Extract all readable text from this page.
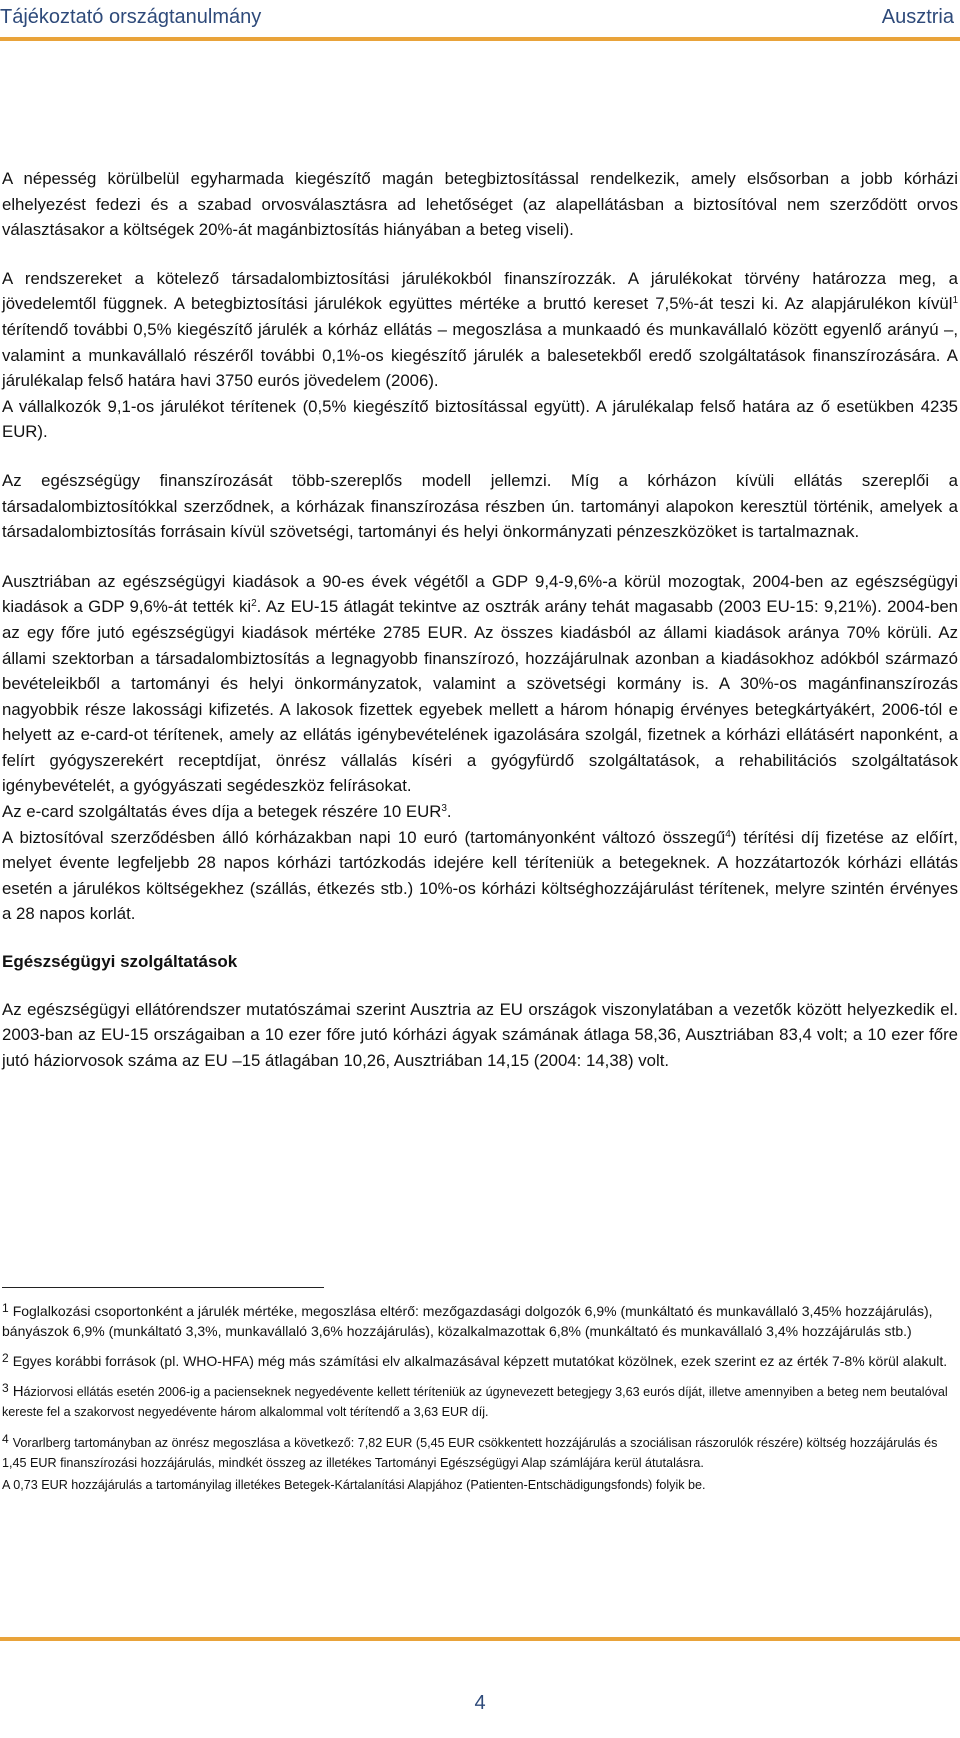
Tájékoztató országtanulmány	Ausztria

A népesség körülbelül egyharmada kiegészítő magán betegbiztosítással rendelkezik, amely elsősorban a jobb kórházi elhelyezést fedezi és a szabad orvosválasztásra ad lehetőséget (az alapellátásban a biztosítóval nem szerződött orvos választásakor a költségek 20%-át magánbiztosítás hiányában a beteg viseli).

A rendszereket a kötelező társadalombiztosítási járulékokból finanszírozzák. A járulékokat törvény határozza meg, a jövedelemtől függnek. A betegbiztosítási járulékok együttes mértéke a bruttó kereset 7,5%-át teszi ki. Az alapjárulékon kívül$^1$ térítendő további 0,5% kiegészítő járulék a kórház ellátás – megoszlása a munkaadó és munkavállaló között egyenlő arányú –, valamint a munkavállaló részéről további 0,1%-os kiegészítő járulék a balesetekből eredő szolgáltatások finanszírozására. A járulékalap felső határa havi 3750 eurós jövedelem (2006).

A vállalkozók 9,1-os járulékot térítenek (0,5% kiegészítő biztosítással együtt). A járulékalap felső határa az ő esetükben 4235 EUR).

Az egészségügy finanszírozását több-szereplős modell jellemzi. Míg a kórházon kívüli ellátás szereplői a társadalombiztosítókkal szerződnek, a kórházak finanszírozása részben ún. tartományi alapokon keresztül történik, amelyek a társadalombiztosítás forrásain kívül szövetségi, tartományi és helyi önkormányzati pénzeszközöket is tartalmaznak.

Ausztriában az egészségügyi kiadások a 90-es évek végétől a GDP 9,4-9,6%-a körül mozogtak, 2004-ben az egészségügyi kiadások a GDP 9,6%-át tették $ki^2$. Az EU-15 átlagát tekintve az osztrák arány tehát magasabb (2003 EU-15: 9,21%). 2004-ben az egy főre jutó egészségügyi kiadások mértéke 2785 EUR. Az összes kiadásból az állami kiadások aránya 70% körüli. Az állami szektorban a társadalombiztosítás a legnagyobb finanszírozó, hozzájárulnak azonban a kiadásokhoz adókból származó bevételeikből a tartományi és helyi önkormányzatok, valamint a szövetségi kormány is. A 30%-os magánfinanszírozás nagyobbik része lakossági kifizetés. A lakosok fizettek egyebek mellett a három hónapig érvényes betegkártyákért, 2006-tól e helyett az e-card-ot térítenek, amely az ellátás igénybevételének igazolására szolgál, fizetnek a kórházi ellátásért naponként, a felírt gyógyszerekért receptdíjat, önrész vállalás kíséri a gyógyfürdő szolgáltatások, a rehabilitációs szolgáltatások igénybevételét, a gyógyászati segédeszköz felírásokat.

Az e-card szolgáltatás éves díja a betegek részére 10 EUR$^3$.

A biztosítóval szerződésben álló kórházakban napi 10 euró (tartományonként változó összegű$^4$) térítési díj fizetése az előírt, melyet évente legfeljebb 28 napos kórházi tartózkodás idejére kell téríteniük a betegeknek. A hozzátartozók kórházi ellátás esetén a járulékos költségekhez (szállás, étkezés stb.) 10%-os kórházi költséghozzájárulást térítenek, melyre szintén érvényes a 28 napos korlát.

Egészségügyi szolgáltatások

Az egészségügyi ellátórendszer mutatószámai szerint Ausztria az EU országok viszonylatában a vezetők között helyezkedik el. 2003-ban az EU-15 országaiban a 10 ezer főre jutó kórházi ágyak számának átlaga 58,36, Ausztriában 83,4 volt; a 10 ezer főre jutó háziorvosok száma az EU –15 átlagában 10,26, Ausztriában 14,15 (2004: 14,38) volt.

1 Foglalkozási csoportonként a járulék mértéke, megoszlása eltérő: mezőgazdasági dolgozók 6,9% (munkáltató és munkavállaló 3,45% hozzájárulás), bányászok 6,9% (munkáltató 3,3%, munkavállaló 3,6% hozzájárulás), közalkalmazottak 6,8% (munkáltató és munkavállaló 3,4% hozzájárulás stb.)

2 Egyes korábbi források (pl. WHO-HFA) még más számítási elv alkalmazásával képzett mutatókat közölnek, ezek szerint ez az érték 7-8% körül alakult.

3 Háziorvosi ellátás esetén 2006-ig a pacienseknek negyedévente kellett téríteniük az úgynevezett betegjegy 3,63 eurós díját, illetve amennyiben a beteg nem beutalóval kereste fel a szakorvost negyedévente három alkalommal volt térítendő a 3,63 EUR díj.

4 Vorarlberg tartományban az önrész megoszlása a következő: 7,82 EUR (5,45 EUR csökkentett hozzájárulás a szociálisan rászorulók részére) költség hozzájárulás és 1,45 EUR finanszírozási hozzájárulás, mindkét összeg az illetékes Tartományi Egészségügyi Alap számlájára kerül átutalásra.

A 0,73 EUR hozzájárulás a tartományilag illetékes Betegek-Kártalanítási Alapjához (Patienten-Entschädigungsfonds) folyik be.

4
